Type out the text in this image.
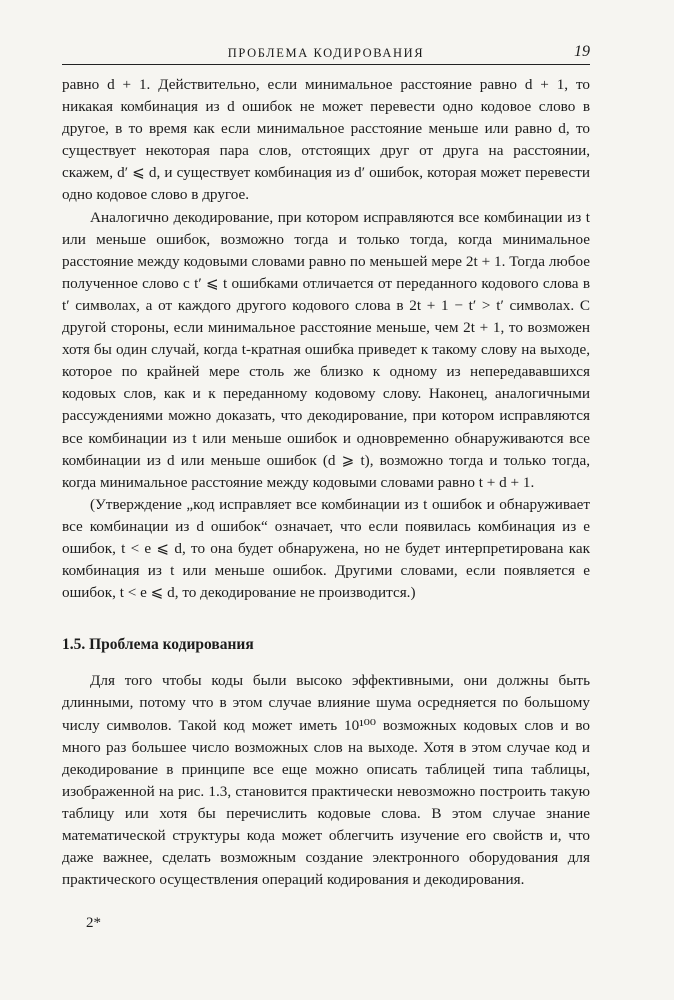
ПРОБЛЕМА КОДИРОВАНИЯ	19

равно d + 1. Действительно, если минимальное расстояние равно d + 1, то никакая комбинация из d ошибок не может перевести одно кодовое слово в другое, в то время как если минимальное расстояние меньше или равно d, то существует некоторая пара слов, отстоящих друг от друга на расстоянии, скажем, d′ ⩽ d, и существует комбинация из d′ ошибок, которая может перевести одно кодовое слово в другое.

Аналогично декодирование, при котором исправляются все комбинации из t или меньше ошибок, возможно тогда и только тогда, когда минимальное расстояние между кодовыми словами равно по меньшей мере 2t + 1. Тогда любое полученное слово с t′ ⩽ t ошибками отличается от переданного кодового слова в t′ символах, а от каждого другого кодового слова в 2t + 1 − t′ > t′ символах. С другой стороны, если минимальное расстояние меньше, чем 2t + 1, то возможен хотя бы один случай, когда t-кратная ошибка приведет к такому слову на выходе, которое по крайней мере столь же близко к одному из непередававшихся кодовых слов, как и к переданному кодовому слову. Наконец, аналогичными рассуждениями можно доказать, что декодирование, при котором исправляются все комбинации из t или меньше ошибок и одновременно обнаруживаются все комбинации из d или меньше ошибок (d ⩾ t), возможно тогда и только тогда, когда минимальное расстояние между кодовыми словами равно t + d + 1.

(Утверждение „код исправляет все комбинации из t ошибок и обнаруживает все комбинации из d ошибок“ означает, что если появилась комбинация из e ошибок, t < e ⩽ d, то она будет обнаружена, но не будет интерпретирована как комбинация из t или меньше ошибок. Другими словами, если появляется e ошибок, t < e ⩽ d, то декодирование не производится.)

1.5. Проблема кодирования

Для того чтобы коды были высоко эффективными, они должны быть длинными, потому что в этом случае влияние шума осредняется по большому числу символов. Такой код может иметь 10¹⁰⁰ возможных кодовых слов и во много раз большее число возможных слов на выходе. Хотя в этом случае код и декодирование в принципе все еще можно описать таблицей типа таблицы, изображенной на рис. 1.3, становится практически невозможно построить такую таблицу или хотя бы перечислить кодовые слова. В этом случае знание математической структуры кода может облегчить изучение его свойств и, что даже важнее, сделать возможным создание электронного оборудования для практического осуществления операций кодирования и декодирования.

2*
